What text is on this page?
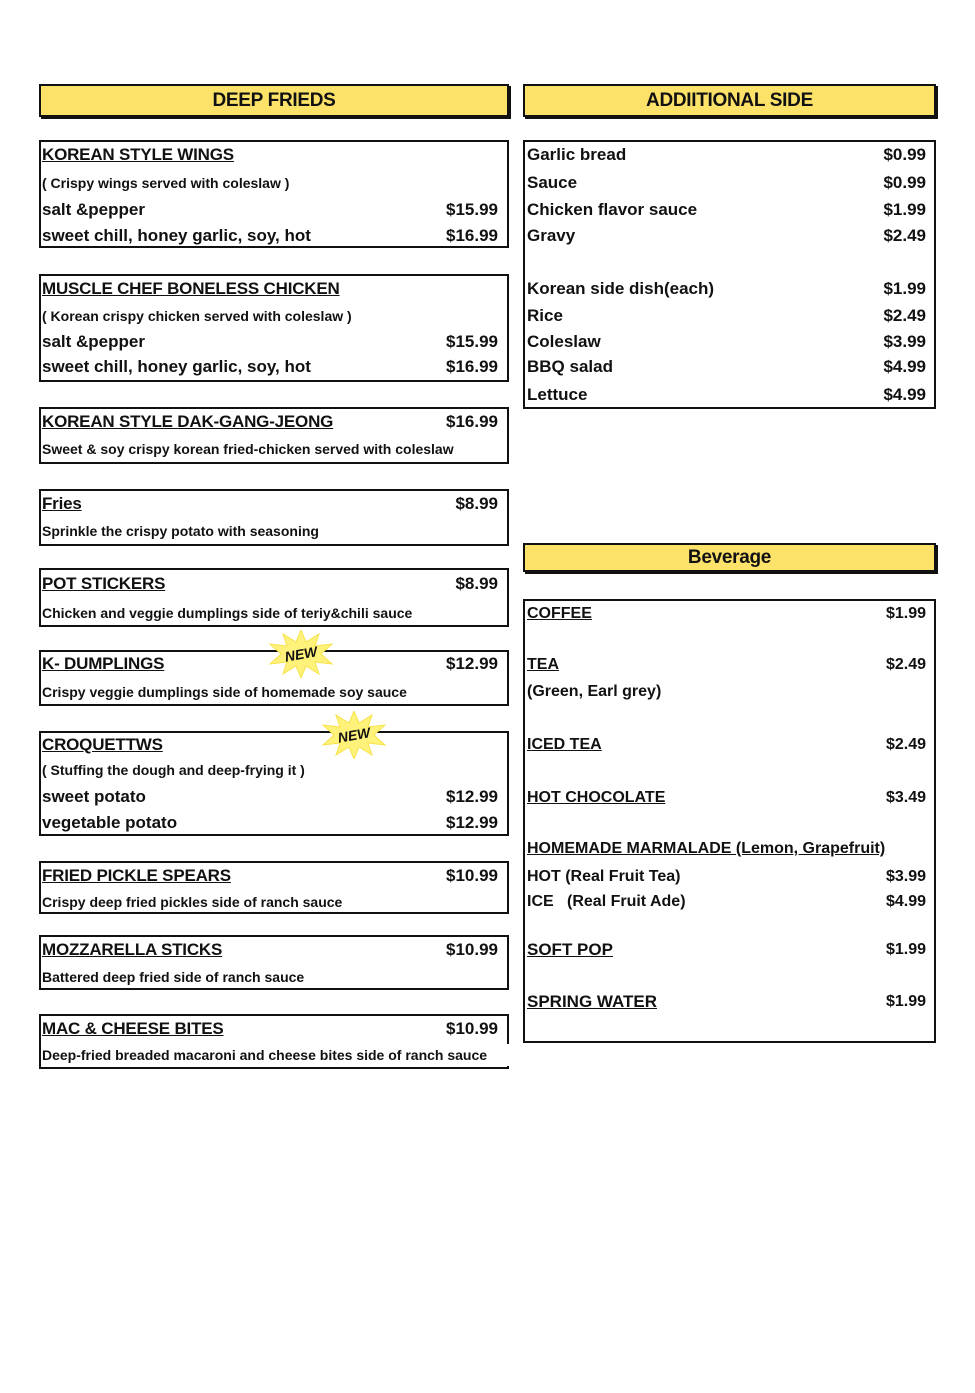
DEEP FRIEDS
KOREAN STYLE WINGS
( Crispy wings served with coleslaw )
salt &pepper	$15.99
sweet chill, honey garlic, soy, hot	$16.99
MUSCLE CHEF BONELESS CHICKEN
( Korean crispy chicken served with coleslaw )
salt &pepper	$15.99
sweet chill, honey garlic, soy, hot	$16.99
KOREAN STYLE DAK-GANG-JEONG	$16.99
Sweet & soy crispy korean fried-chicken served with coleslaw
Fries	$8.99
Sprinkle the crispy potato with seasoning
POT STICKERS	$8.99
Chicken and veggie dumplings side of teriy&chili sauce
K- DUMPLINGS	$12.99
Crispy veggie dumplings side of homemade soy sauce
NEW
CROQUETTWS
( Stuffing the dough and deep-frying it )
sweet potato	$12.99
vegetable potato	$12.99
NEW
FRIED PICKLE SPEARS	$10.99
Crispy deep fried pickles side of ranch sauce
MOZZARELLA STICKS	$10.99
Battered deep fried side of ranch sauce
MAC & CHEESE BITES	$10.99
Deep-fried breaded macaroni and cheese bites side of ranch sauce
ADDIITIONAL SIDE
Garlic bread	$0.99
Sauce	$0.99
Chicken flavor sauce	$1.99
Gravy	$2.49
Korean side dish(each)	$1.99
Rice	$2.49
Coleslaw	$3.99
BBQ salad	$4.99
Lettuce	$4.99
Beverage
COFFEE	$1.99
TEA	$2.49
(Green, Earl grey)
ICED TEA	$2.49
HOT CHOCOLATE	$3.49
HOMEMADE MARMALADE (Lemon, Grapefruit)
HOT (Real Fruit Tea)	$3.99
ICE   (Real Fruit Ade)	$4.99
SOFT POP	$1.99
SPRING WATER	$1.99
